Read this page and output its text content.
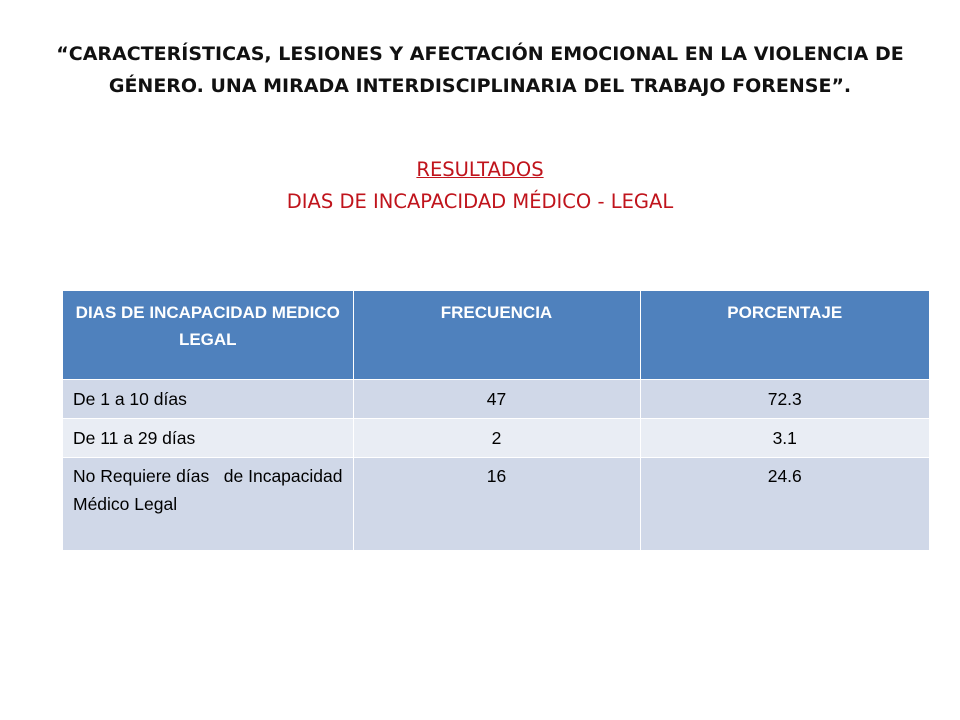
“CARACTERÍSTICAS, LESIONES Y AFECTACIÓN EMOCIONAL EN LA VIOLENCIA DE GÉNERO. UNA MIRADA INTERDISCIPLINARIA DEL TRABAJO FORENSE”.
RESULTADOS
DIAS DE INCAPACIDAD MÉDICO - LEGAL
DIAS DE INCAPACIDAD MEDICO LEGAL	FRECUENCIA	PORCENTAJE
De 1 a 10 días	47	72.3
De 11 a 29 días	2	3.1
No Requiere días   de Incapacidad Médico Legal	16	24.6
